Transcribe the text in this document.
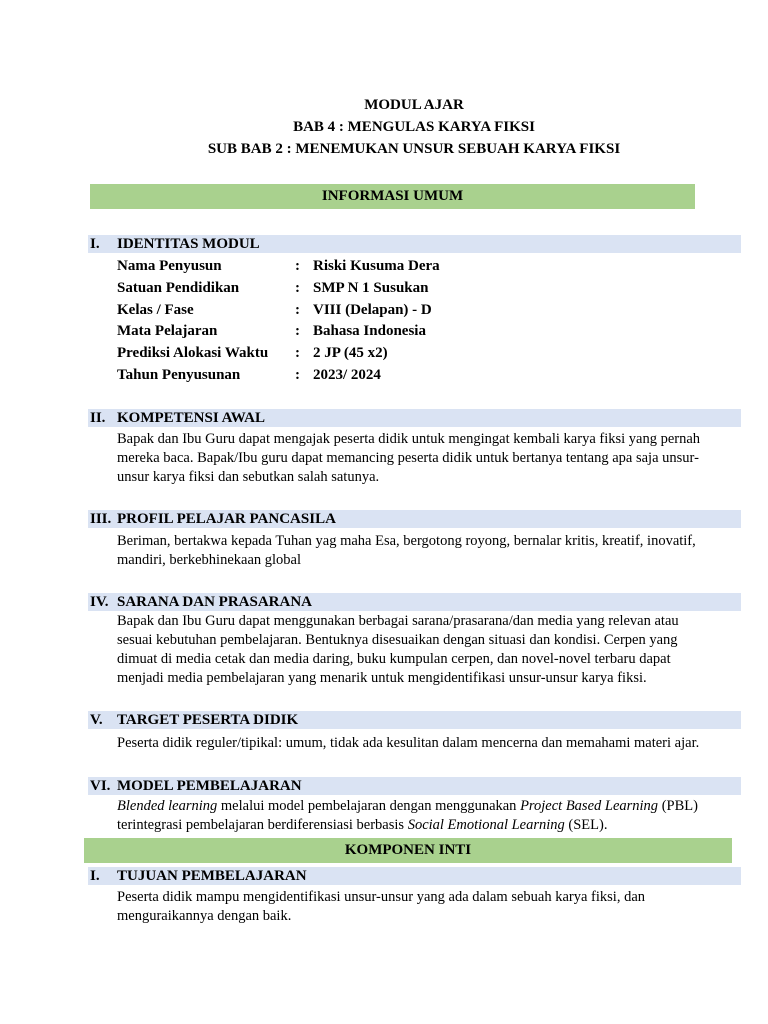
MODUL AJAR
BAB 4 : MENGULAS KARYA FIKSI
SUB BAB 2 : MENEMUKAN UNSUR SEBUAH KARYA FIKSI
INFORMASI UMUM
I. IDENTITAS MODUL
Nama Penyusun	: Riski Kusuma Dera
Satuan Pendidikan	: SMP N 1 Susukan
Kelas / Fase	: VIII (Delapan) - D
Mata Pelajaran	: Bahasa Indonesia
Prediksi Alokasi Waktu : 2 JP (45 x2)
Tahun Penyusunan	: 2023/ 2024
II. KOMPETENSI AWAL

Bapak dan Ibu Guru dapat mengajak peserta didik untuk mengingat kembali karya fiksi yang pernah

mereka baca. Bapak/Ibu guru dapat memancing peserta didik untuk bertanya tentang apa saja unsur-

unsur karya fiksi dan sebutkan salah satunya.

III. PROFIL PELAJAR PANCASILA

Beriman, bertakwa kepada Tuhan yag maha Esa, bergotong royong, bernalar kritis, kreatif, inovatif,

mandiri, berkebhinekaan global

IV. SARANA DAN PRASARANA

Bapak dan Ibu Guru dapat menggunakan berbagai sarana/prasarana/dan media yang relevan atau

sesuai kebutuhan pembelajaran. Bentuknya disesuaikan dengan situasi dan kondisi. Cerpen yang

dimuat di media cetak dan media daring, buku kumpulan cerpen, dan novel-novel terbaru dapat

menjadi media pembelajaran yang menarik untuk mengidentifikasi unsur-unsur karya fiksi.

V. TARGET PESERTA DIDIK

Peserta didik reguler/tipikal: umum, tidak ada kesulitan dalam mencerna dan memahami materi ajar.

VI. MODEL PEMBELAJARAN

Blended learning melalui model pembelajaran dengan menggunakan Project Based Learning (PBL)

terintegrasi pembelajaran berdiferensiasi berbasis Social Emotional Learning (SEL).

KOMPONEN INTI
I. TUJUAN PEMBELAJARAN

Peserta didik mampu mengidentifikasi unsur-unsur yang ada dalam sebuah karya fiksi, dan

menguraikannya dengan baik.
